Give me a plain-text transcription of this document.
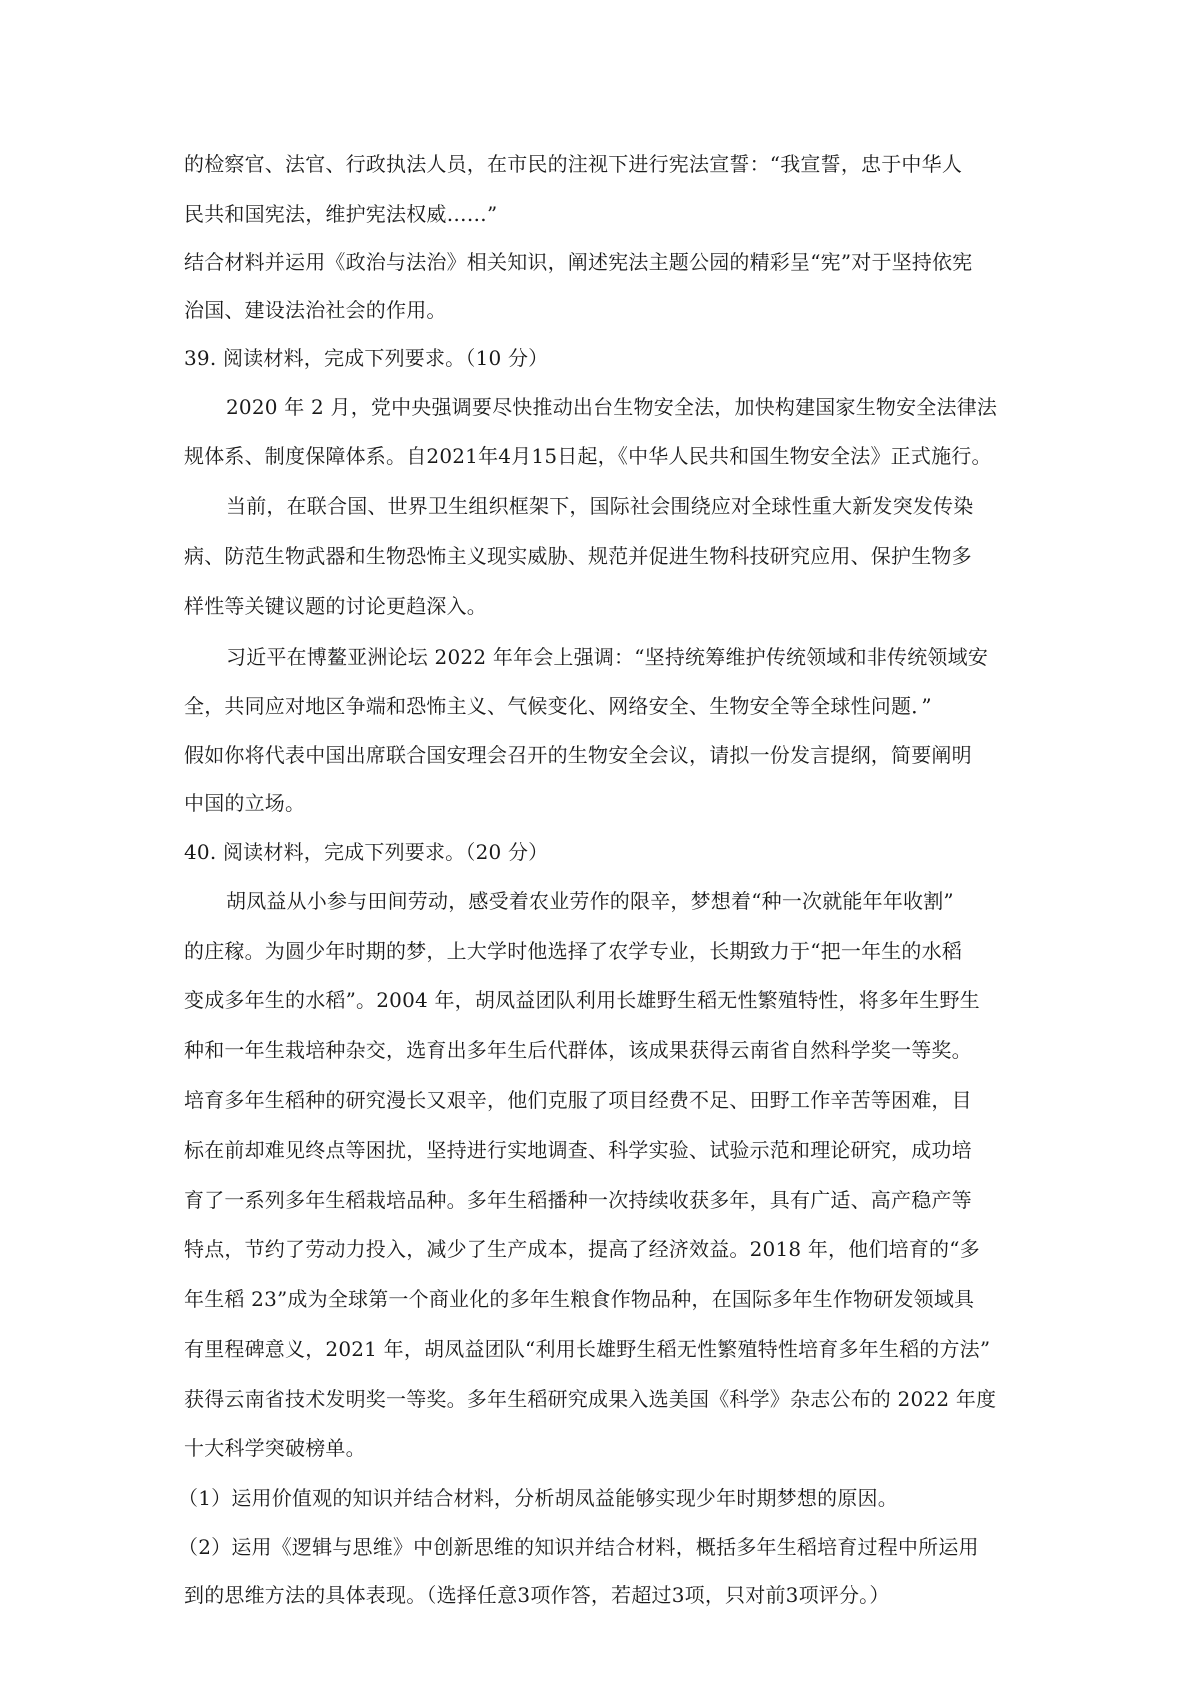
的检察官、法官、行政执法人员，在市民的注视下进行宪法宣誓：“我宣誓，忠于中华人
民共和国宪法，维护宪法权威……”
结合材料并运用《政治与法治》相关知识，阐述宪法主题公园的精彩呈“宪”对于坚持依宪
治国、建设法治社会的作用。
39. 阅读材料，完成下列要求。（10 分）
2020 年 2 月，党中央强调要尽快推动出台生物安全法，加快构建国家生物安全法律法
规体系、制度保障体系。自2021年4月15日起，《中华人民共和国生物安全法》正式施行。
当前，在联合国、世界卫生组织框架下，国际社会围绕应对全球性重大新发突发传染
病、防范生物武器和生物恐怖主义现实威胁、规范并促进生物科技研究应用、保护生物多
样性等关键议题的讨论更趋深入。
习近平在博鳌亚洲论坛 2022 年年会上强调：“坚持统筹维护传统领域和非传统领域安
全，共同应对地区争端和恐怖主义、气候变化、网络安全、生物安全等全球性问题．”
假如你将代表中国出席联合国安理会召开的生物安全会议，请拟一份发言提纲，简要阐明
中国的立场。
40. 阅读材料，完成下列要求。（20 分）
胡凤益从小参与田间劳动，感受着农业劳作的限辛，梦想着“种一次就能年年收割”
的庄稼。为圆少年时期的梦，上大学时他选择了农学专业，长期致力于“把一年生的水稻
变成多年生的水稻”。2004 年，胡凤益团队利用长雄野生稻无性繁殖特性，将多年生野生
种和一年生栽培种杂交，选育出多年生后代群体，该成果获得云南省自然科学奖一等奖。
培育多年生稻种的研究漫长又艰辛，他们克服了项目经费不足、田野工作辛苦等困难，目
标在前却难见终点等困扰，坚持进行实地调查、科学实验、试验示范和理论研究，成功培
育了一系列多年生稻栽培品种。多年生稻播种一次持续收获多年，具有广适、高产稳产等
特点，节约了劳动力投入，减少了生产成本，提高了经济效益。2018 年，他们培育的“多
年生稻 23”成为全球第一个商业化的多年生粮食作物品种，在国际多年生作物研发领域具
有里程碑意义，2021 年，胡凤益团队“利用长雄野生稻无性繁殖特性培育多年生稻的方法”
获得云南省技术发明奖一等奖。多年生稻研究成果入选美国《科学》杂志公布的 2022 年度
十大科学突破榜单。
（1）运用价值观的知识并结合材料，分析胡凤益能够实现少年时期梦想的原因。
（2）运用《逻辑与思维》中创新思维的知识并结合材料，概括多年生稻培育过程中所运用
到的思维方法的具体表现。（选择任意3项作答，若超过3项，只对前3项评分。）
